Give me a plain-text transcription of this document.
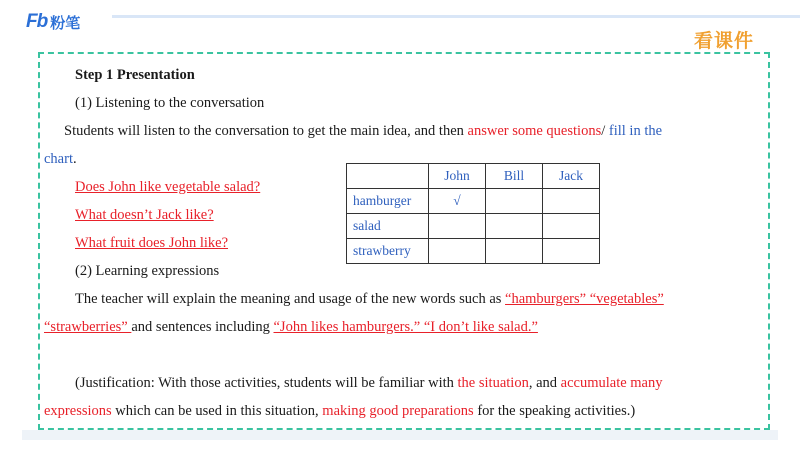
Fb 粉笔
看课件
Step 1 Presentation
(1) Listening to the conversation
Students will listen to the conversation to get the main idea, and then answer some questions/ fill in the
chart.
Does John like vegetable salad?
What doesn’t Jack like?
What fruit does John like?
	John	Bill	Jack
hamburger	√		
salad			
strawberry			
(2) Learning expressions
The teacher will explain the meaning and usage of the new words such as “hamburgers” “vegetables”
“strawberries” and sentences including “John likes hamburgers.” “I don’t like salad.”
(Justification: With those activities, students will be familiar with the situation, and accumulate many
expressions which can be used in this situation, making good preparations for the speaking activities.)
